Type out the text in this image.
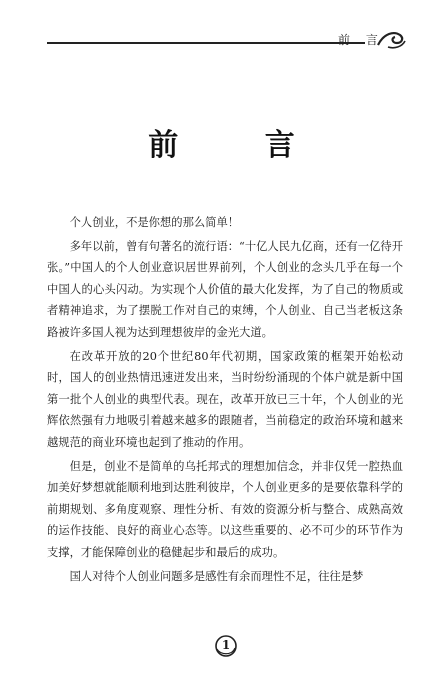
前 言
前 言

个人创业，不是你想的那么简单！

多年以前，曾有句著名的流行语：“十亿人民九亿商，还有一亿待开张。”中国人的个人创业意识居世界前列，个人创业的念头几乎在每一个中国人的心头闪动。为实现个人价值的最大化发挥，为了自己的物质或者精神追求，为了摆脱工作对自己的束缚，个人创业、自己当老板这条路被许多国人视为达到理想彼岸的金光大道。

在改革开放的20个世纪80年代初期，国家政策的框架开始松动时，国人的创业热情迅速迸发出来，当时纷纷涌现的个体户就是新中国第一批个人创业的典型代表。现在，改革开放已三十年，个人创业的光辉依然强有力地吸引着越来越多的跟随者，当前稳定的政治环境和越来越规范的商业环境也起到了推动的作用。

但是，创业不是简单的乌托邦式的理想加信念，并非仅凭一腔热血加美好梦想就能顺利地到达胜利彼岸，个人创业更多的是要依靠科学的前期规划、多角度观察、理性分析、有效的资源分析与整合、成熟高效的运作技能、良好的商业心态等。以这些重要的、必不可少的环节作为支撑，才能保障创业的稳健起步和最后的成功。

国人对待个人创业问题多是感性有余而理性不足，往往是梦

1
